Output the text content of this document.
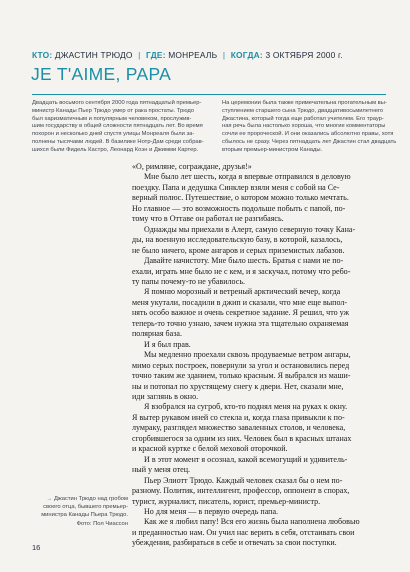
КТО: ДЖАСТИН ТРЮДО | ГДЕ: МОНРЕАЛЬ | КОГДА: 3 ОКТЯБРЯ 2000 г.
JE T'AIME, PAPA
Двадцать восьмого сентября 2000 года пятнадцатый премьер-
министр Канады Пьер Трюдо умер от рака простаты. Трюдо
был харизматичным и популярным человеком, прослужив-
шим государству в общей сложности пятнадцать лет. Во время
похорон и несколько дней спустя улицы Монреаля были за-
полнены тысячами людей. В базилике Нотр-Дам среди собрав-
шихся были Фидель Кастро, Леонард Коэн и Джимми Картер.
На церемонии была также примечательна прогательным вы-
ступлением старшего сына Трюдо, двадцативосьмилетнего
Джастина, который тогда еще работал учителем. Его траур-
ная речь была настолько хороша, что многие комментаторы
сочли ее пророческой. И они оказались абсолютно правы, хотя
сбылось не сразу. Через пятнадцать лет Джастин стал двадцать
вторым премьер-министром Канады.
«О, римляне, сограждане, друзья!»
Мне было лет шесть, когда я впервые отправился в деловую
поездку. Папа и дедушка Синклер взяли меня с собой на Се-
верный полюс. Путешествие, о котором можно только мечтать.
Но главное — это возможность подольше побыть с папой, по-
тому что в Оттаве он работал не разгибаясь.
Однажды мы приехали в Алерт, самую северную точку Кана-
ды, на военную исследовательскую базу, в которой, казалось,
не было ничего, кроме ангаров и серых приземистых лабазов.
Давайте начистоту. Мне было шесть. Братья с нами не по-
ехали, играть мне было не с кем, и я заскучал, потому что ребо-
ту папы почему-то не убавилось.
Я помню морозный и ветреный арктический вечер, когда
меня укутали, посадили в джип и сказали, что мне еще выпол-
нять особо важное и очень секретное задание. Я решил, что уж
теперь-то точно узнаю, зачем нужна эта тщательно охраняемая
полярная база.
И я был прав.
Мы медленно проехали сквозь продуваемые ветром ангары,
мимо серых построек, повернули за угол и остановились перед
точно таким же зданием, только красным. Я выбрался из маши-
ны и потопал по хрустящему снегу к двери. Нет, сказали мне,
иди заглянь в окно.
Я взобрался на сугроб, кто-то поднял меня на руках к окну.
Я вытер рукавом иней со стекла и, когда глаза привыкли к по-
лумраку, разглядел множество заваленных столов, и человека,
сгорбившегося за одним из них. Человек был в красных штанах
и красной куртке с белой меховой оторочкой.
И в этот момент я осознал, какой всемогущий и удивитель-
ный у меня отец.
Пьер Элиотт Трюдо. Каждый человек сказал бы о нем по-
разному. Политик, интеллигент, профессор, оппонент в спорах,
турист, журналист, писатель, юрист, премьер-министр.
Но для меня — в первую очередь папа.
Как же я любил папу! Вся его жизнь была наполнена любовью
и преданностью нам. Он учил нас верить в себя, отстаивать свои
убеждения, разбираться в себе и отвечать за свои поступки.
→ Джастин Трюдо над гробом
своего отца, бывшего премьер-
министра Канады Пьера Трюдо.
Фото: Пол Чиассон
16
